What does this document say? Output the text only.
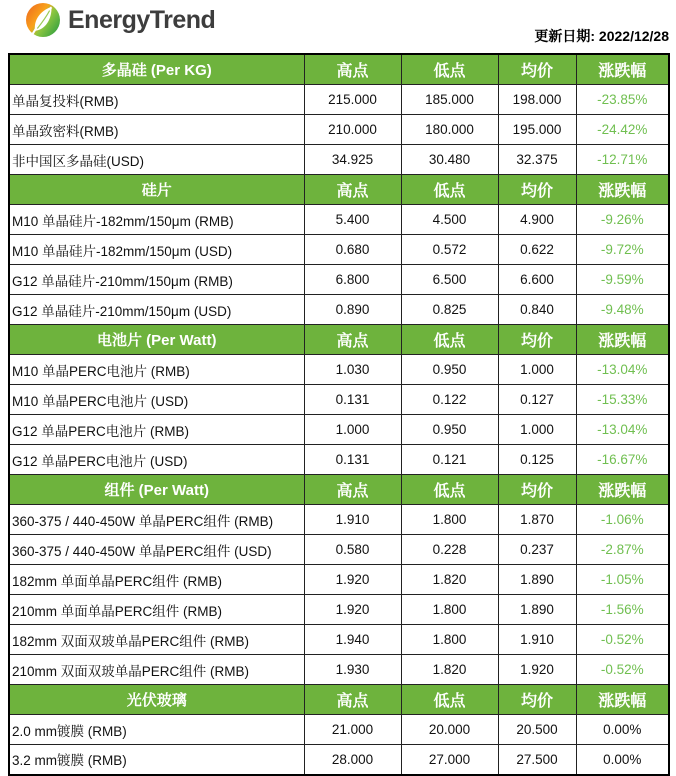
EnergyTrend
更新日期: 2022/12/28
多晶硅 (Per KG)	高点	低点	均价	涨跌幅
单晶复投料(RMB)	215.000	185.000	198.000	-23.85%
单晶致密料(RMB)	210.000	180.000	195.000	-24.42%
非中国区多晶硅(USD)	34.925	30.480	32.375	-12.71%
硅片	高点	低点	均价	涨跌幅
M10 单晶硅片-182mm/150μm (RMB)	5.400	4.500	4.900	-9.26%
M10 单晶硅片-182mm/150μm (USD)	0.680	0.572	0.622	-9.72%
G12 单晶硅片-210mm/150μm (RMB)	6.800	6.500	6.600	-9.59%
G12 单晶硅片-210mm/150μm (USD)	0.890	0.825	0.840	-9.48%
电池片 (Per Watt)	高点	低点	均价	涨跌幅
M10 单晶PERC电池片 (RMB)	1.030	0.950	1.000	-13.04%
M10 单晶PERC电池片 (USD)	0.131	0.122	0.127	-15.33%
G12 单晶PERC电池片 (RMB)	1.000	0.950	1.000	-13.04%
G12 单晶PERC电池片 (USD)	0.131	0.121	0.125	-16.67%
组件 (Per Watt)	高点	低点	均价	涨跌幅
360-375 / 440-450W 单晶PERC组件 (RMB)	1.910	1.800	1.870	-1.06%
360-375 / 440-450W 单晶PERC组件 (USD)	0.580	0.228	0.237	-2.87%
182mm 单面单晶PERC组件 (RMB)	1.920	1.820	1.890	-1.05%
210mm 单面单晶PERC组件 (RMB)	1.920	1.800	1.890	-1.56%
182mm 双面双玻单晶PERC组件 (RMB)	1.940	1.800	1.910	-0.52%
210mm 双面双玻单晶PERC组件 (RMB)	1.930	1.820	1.920	-0.52%
光伏玻璃	高点	低点	均价	涨跌幅
2.0 mm镀膜 (RMB)	21.000	20.000	20.500	0.00%
3.2 mm镀膜 (RMB)	28.000	27.000	27.500	0.00%
